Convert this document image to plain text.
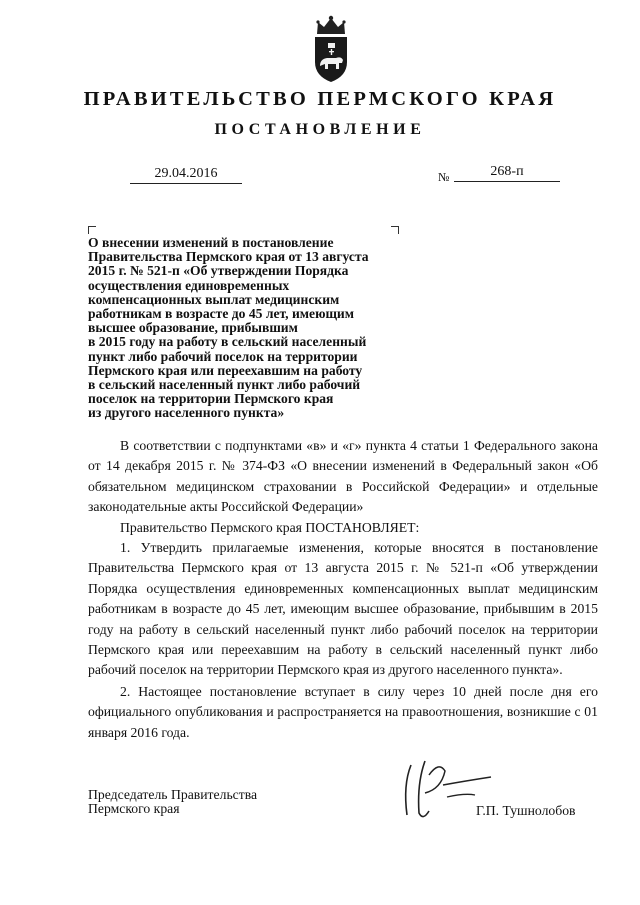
ПРАВИТЕЛЬСТВО ПЕРМСКОГО КРАЯ
ПОСТАНОВЛЕНИЕ
29.04.2016	№	268-п
О внесении изменений в постановление
Правительства Пермского края от 13 августа
2015 г. № 521-п «Об утверждении Порядка
осуществления единовременных
компенсационных выплат медицинским
работникам в возрасте до 45 лет, имеющим
высшее образование, прибывшим
в 2015 году на работу в сельский населенный
пункт либо рабочий поселок на территории
Пермского края или переехавшим на работу
в сельский населенный пункт либо рабочий
поселок на территории Пермского края
из другого населенного пункта»
В соответствии с подпунктами «в» и «г» пункта 4 статьи 1 Федерального закона от 14 декабря 2015 г. № 374-ФЗ «О внесении изменений в Федеральный закон «Об обязательном медицинском страховании в Российской Федерации» и отдельные законодательные акты Российской Федерации»
Правительство Пермского края ПОСТАНОВЛЯЕТ:
1. Утвердить прилагаемые изменения, которые вносятся в постановление Правительства Пермского края от 13 августа 2015 г. № 521-п «Об утверждении Порядка осуществления единовременных компенсационных выплат медицинским работникам в возрасте до 45 лет, имеющим высшее образование, прибывшим в 2015 году на работу в сельский населенный пункт либо рабочий поселок на территории Пермского края или переехавшим на работу в сельский населенный пункт либо рабочий поселок на территории Пермского края из другого населенного пункта».
2. Настоящее постановление вступает в силу через 10 дней после дня его официального опубликования и распространяется на правоотношения, возникшие с 01 января 2016 года.
Председатель Правительства
Пермского края	Г.П. Тушнолобов
